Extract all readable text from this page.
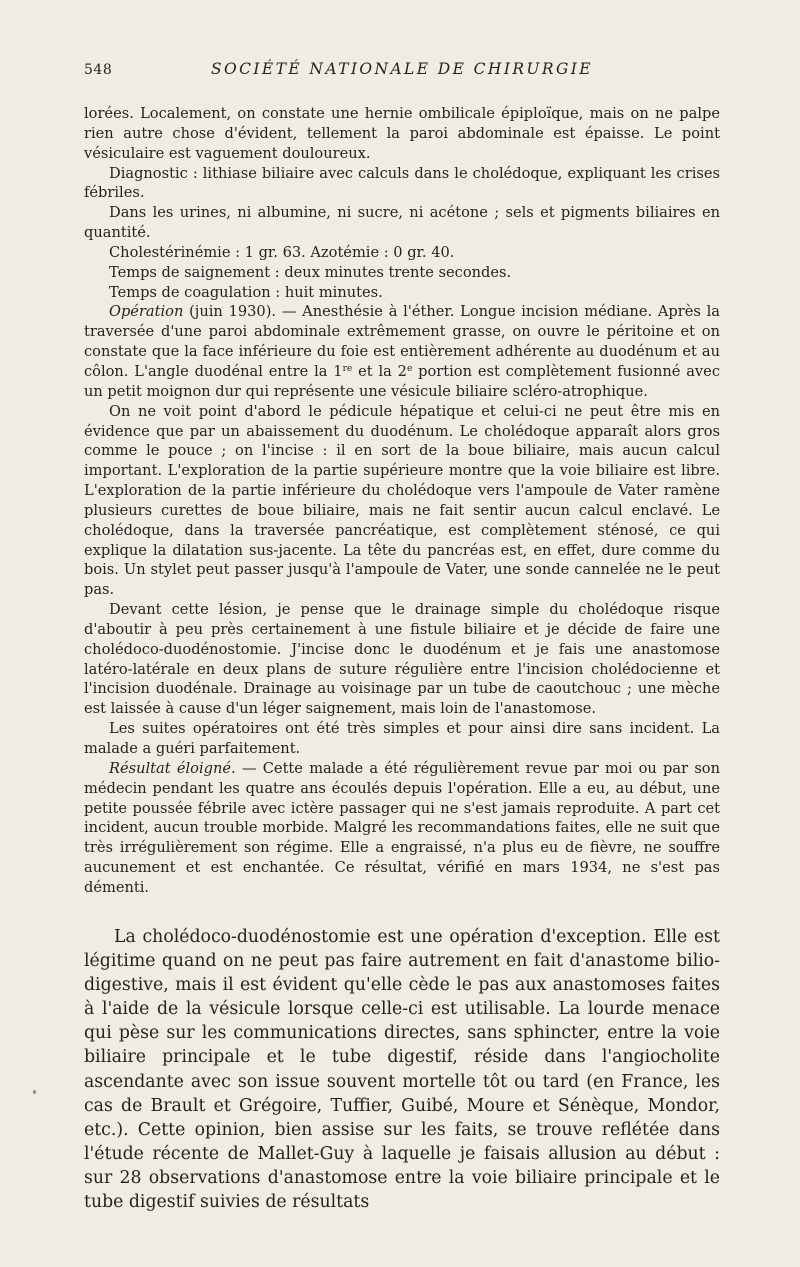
548	SOCIÉTÉ NATIONALE DE CHIRURGIE

lorées. Localement, on constate une hernie ombilicale épiploïque, mais on ne palpe rien autre chose d'évident, tellement la paroi abdominale est épaisse. Le point vésiculaire est vaguement douloureux.

Diagnostic : lithiase biliaire avec calculs dans le cholédoque, expliquant les crises fébriles.

Dans les urines, ni albumine, ni sucre, ni acétone ; sels et pigments biliaires en quantité.

Cholestérinémie : 1 gr. 63. Azotémie : 0 gr. 40.

Temps de saignement : deux minutes trente secondes.

Temps de coagulation : huit minutes.

Opération (juin 1930). — Anesthésie à l'éther. Longue incision médiane. Après la traversée d'une paroi abdominale extrêmement grasse, on ouvre le péritoine et on constate que la face inférieure du foie est entièrement adhérente au duodénum et au côlon. L'angle duodénal entre la 1re et la 2e portion est complètement fusionné avec un petit moignon dur qui représente une vésicule biliaire scléro-atrophique.

On ne voit point d'abord le pédicule hépatique et celui-ci ne peut être mis en évidence que par un abaissement du duodénum. Le cholédoque apparaît alors gros comme le pouce ; on l'incise : il en sort de la boue biliaire, mais aucun calcul important. L'exploration de la partie supérieure montre que la voie biliaire est libre. L'exploration de la partie inférieure du cholédoque vers l'ampoule de Vater ramène plusieurs curettes de boue biliaire, mais ne fait sentir aucun calcul enclavé. Le cholédoque, dans la traversée pancréatique, est complètement sténosé, ce qui explique la dilatation sus-jacente. La tête du pancréas est, en effet, dure comme du bois. Un stylet peut passer jusqu'à l'ampoule de Vater, une sonde cannelée ne le peut pas.

Devant cette lésion, je pense que le drainage simple du cholédoque risque d'aboutir à peu près certainement à une fistule biliaire et je décide de faire une cholédoco-duodénostomie. J'incise donc le duodénum et je fais une anastomose latéro-latérale en deux plans de suture régulière entre l'incision cholédocienne et l'incision duodénale. Drainage au voisinage par un tube de caoutchouc ; une mèche est laissée à cause d'un léger saignement, mais loin de l'anastomose.

Les suites opératoires ont été très simples et pour ainsi dire sans incident. La malade a guéri parfaitement.

Résultat éloigné. — Cette malade a été régulièrement revue par moi ou par son médecin pendant les quatre ans écoulés depuis l'opération. Elle a eu, au début, une petite poussée fébrile avec ictère passager qui ne s'est jamais reproduite. A part cet incident, aucun trouble morbide. Malgré les recommandations faites, elle ne suit que très irrégulièrement son régime. Elle a engraissé, n'a plus eu de fièvre, ne souffre aucunement et est enchantée. Ce résultat, vérifié en mars 1934, ne s'est pas démenti.

La cholédoco-duodénostomie est une opération d'exception. Elle est légitime quand on ne peut pas faire autrement en fait d'anastome bilio-digestive, mais il est évident qu'elle cède le pas aux anastomoses faites à l'aide de la vésicule lorsque celle-ci est utilisable. La lourde menace qui pèse sur les communications directes, sans sphincter, entre la voie biliaire principale et le tube digestif, réside dans l'angiocholite ascendante avec son issue souvent mortelle tôt ou tard (en France, les cas de Brault et Grégoire, Tuffier, Guibé, Moure et Sénèque, Mondor, etc.). Cette opinion, bien assise sur les faits, se trouve reflétée dans l'étude récente de Mallet-Guy à laquelle je faisais allusion au début : sur 28 observations d'anastomose entre la voie biliaire principale et le tube digestif suivies de résultats
